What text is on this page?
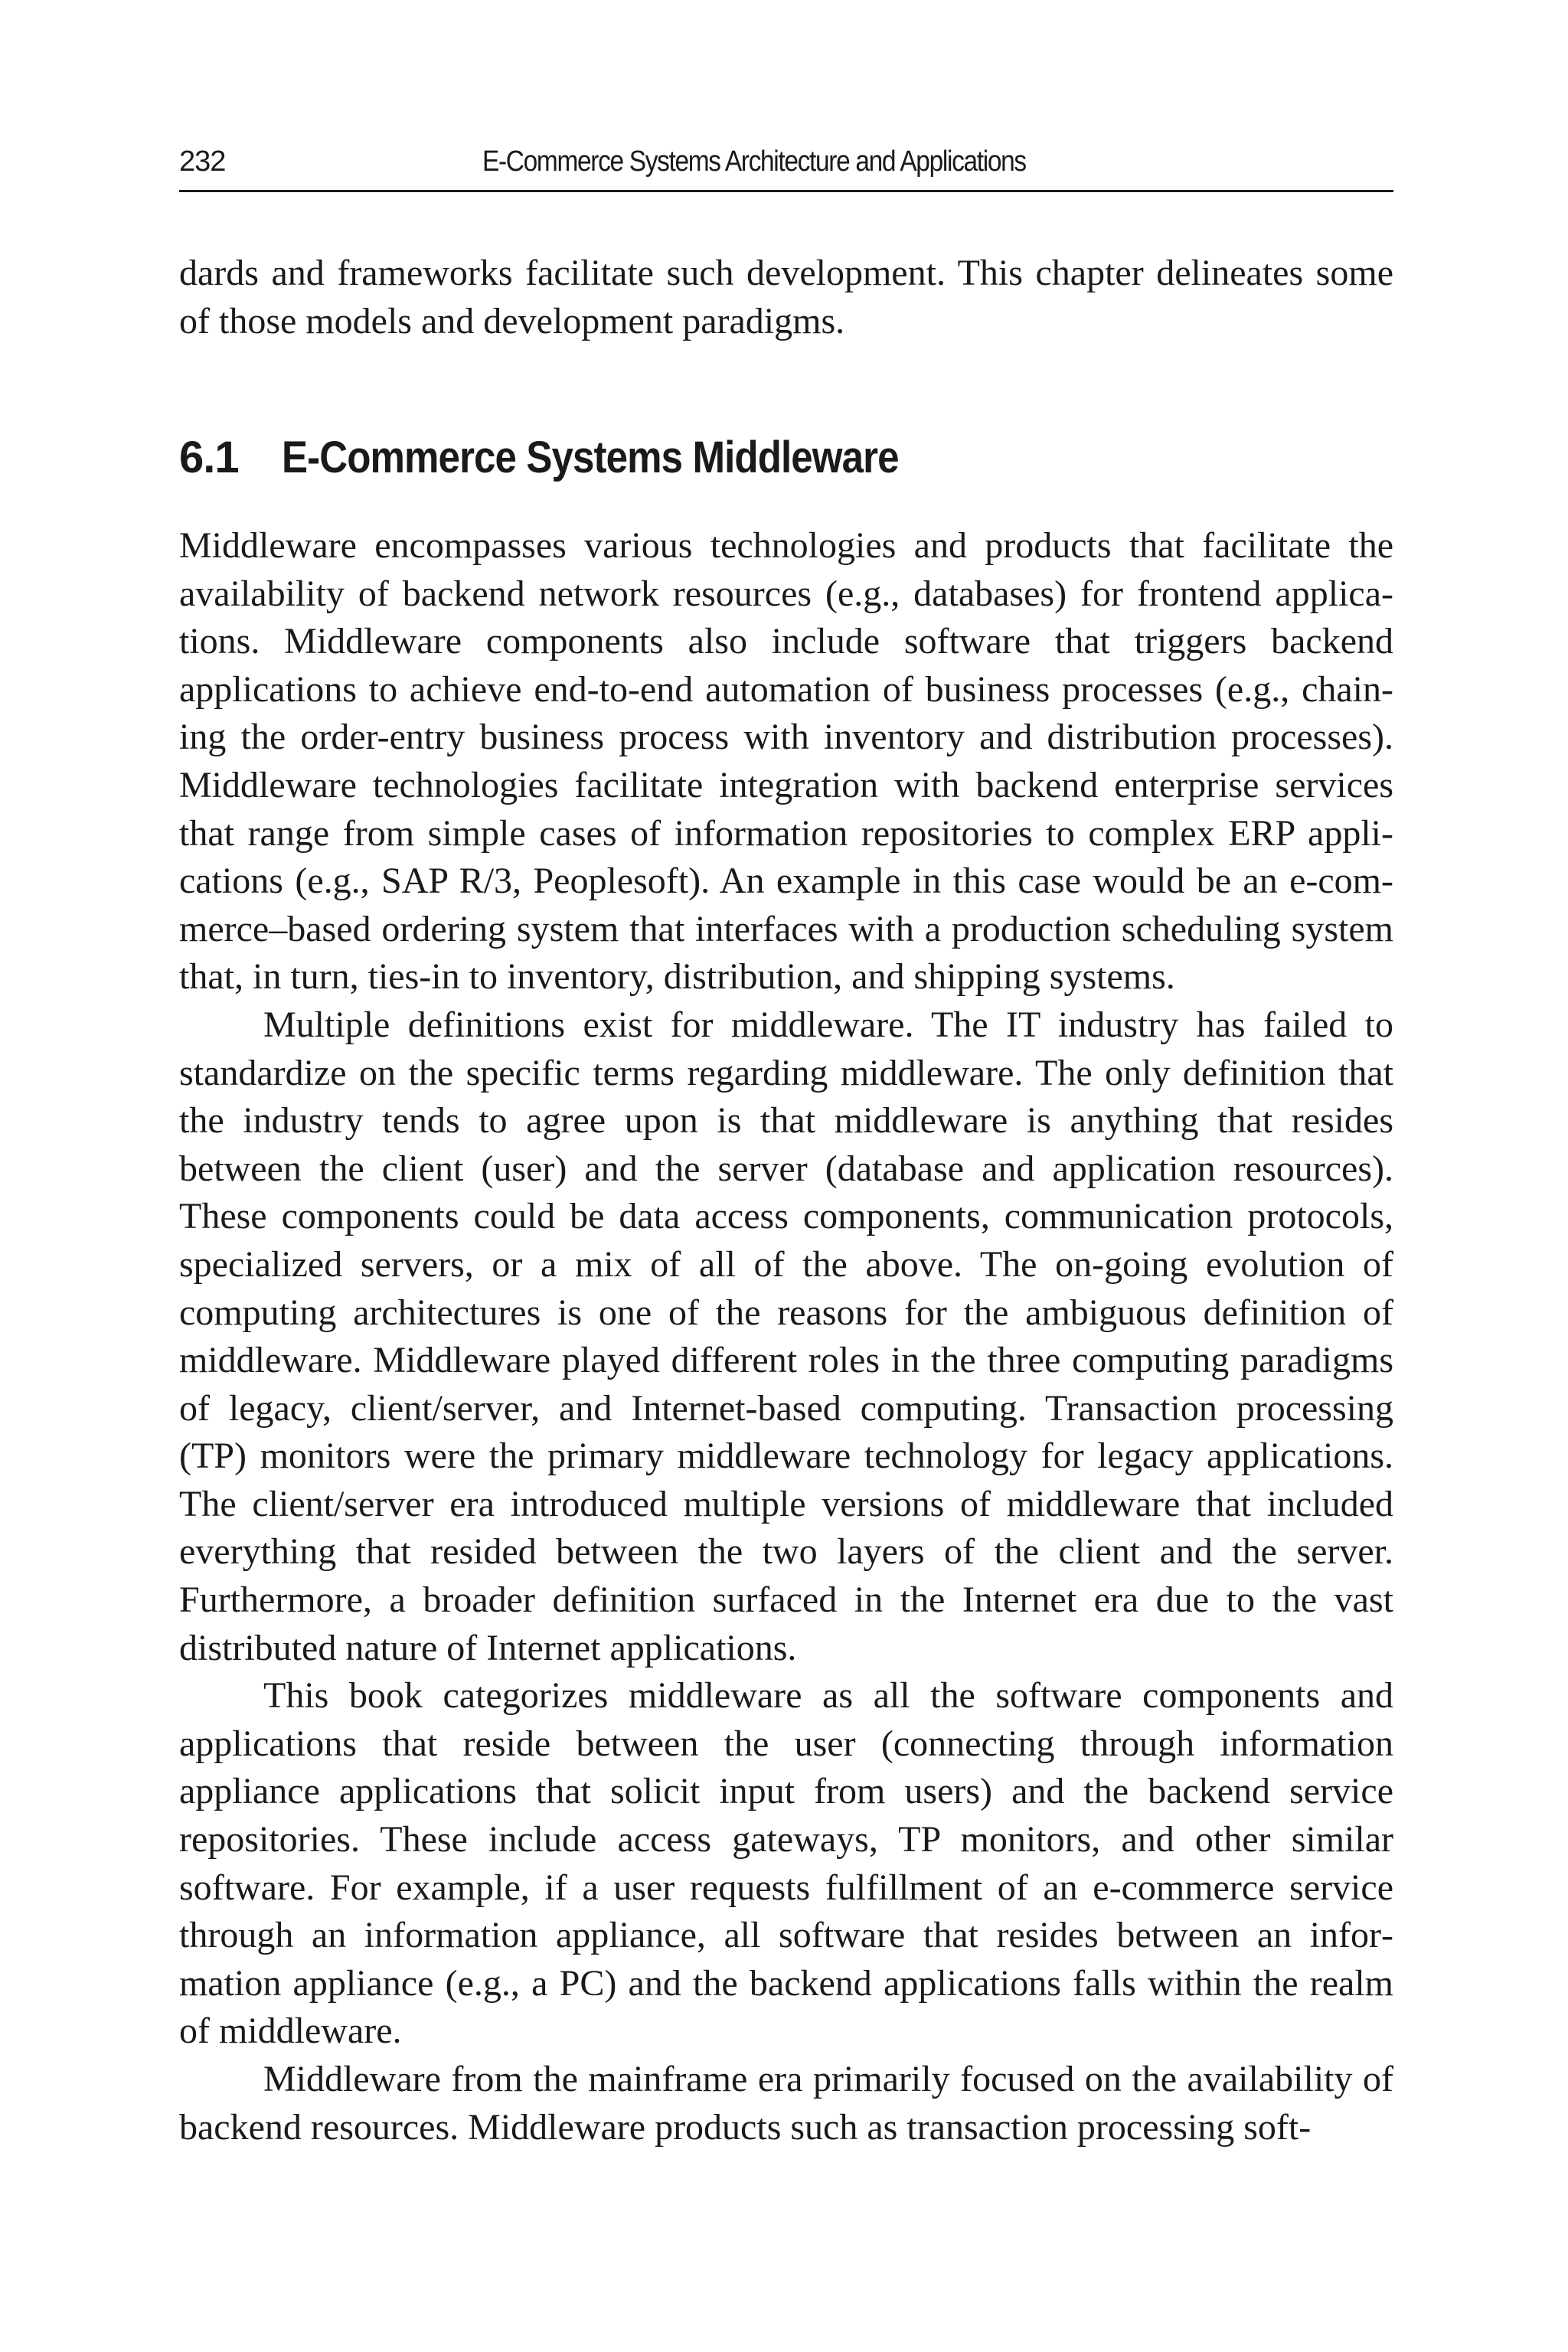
232	E-Commerce Systems Architecture and Applications
dards and frameworks facilitate such development. This chapter delineates some of those models and development paradigms.
6.1 E-Commerce Systems Middleware

Middleware encompasses various technologies and products that facilitate the availability of backend network resources (e.g., databases) for frontend applications. Middleware components also include software that triggers backend applications to achieve end-to-end automation of business processes (e.g., chaining the order-entry business process with inventory and distribution processes). Middleware technologies facilitate integration with backend enterprise services that range from simple cases of information repositories to complex ERP applications (e.g., SAP R/3, Peoplesoft). An example in this case would be an e-commerce–based ordering system that interfaces with a production scheduling system that, in turn, ties-in to inventory, distribution, and shipping systems.

Multiple definitions exist for middleware. The IT industry has failed to standardize on the specific terms regarding middleware. The only definition that the industry tends to agree upon is that middleware is anything that resides between the client (user) and the server (database and application resources). These components could be data access components, communication protocols, specialized servers, or a mix of all of the above. The on-going evolution of computing architectures is one of the reasons for the ambiguous definition of middleware. Middleware played different roles in the three computing paradigms of legacy, client/server, and Internet-based computing. Transaction processing (TP) monitors were the primary middleware technology for legacy applications. The client/server era introduced multiple versions of middleware that included everything that resided between the two layers of the client and the server. Furthermore, a broader definition surfaced in the Internet era due to the vast distributed nature of Internet applications.

This book categorizes middleware as all the software components and applications that reside between the user (connecting through information appliance applications that solicit input from users) and the backend service repositories. These include access gateways, TP monitors, and other similar software. For example, if a user requests fulfillment of an e-commerce service through an information appliance, all software that resides between an information appliance (e.g., a PC) and the backend applications falls within the realm of middleware.

Middleware from the mainframe era primarily focused on the availability of backend resources. Middleware products such as transaction processing soft-
